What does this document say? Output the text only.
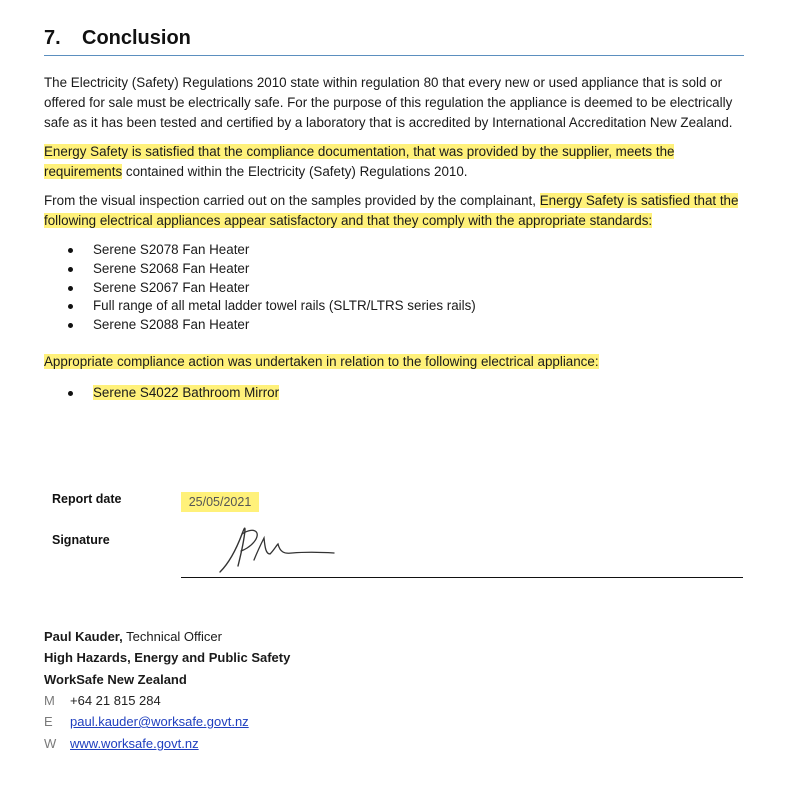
7. Conclusion

The Electricity (Safety) Regulations 2010 state within regulation 80 that every new or used appliance that is sold or offered for sale must be electrically safe. For the purpose of this regulation the appliance is deemed to be electrically safe as it has been tested and certified by a laboratory that is accredited by International Accreditation New Zealand.

Energy Safety is satisfied that the compliance documentation, that was provided by the supplier, meets the requirements contained within the Electricity (Safety) Regulations 2010.

From the visual inspection carried out on the samples provided by the complainant, Energy Safety is satisfied that the following electrical appliances appear satisfactory and that they comply with the appropriate standards:

Serene S2078 Fan Heater
Serene S2068 Fan Heater
Serene S2067 Fan Heater
Full range of all metal ladder towel rails (SLTR/LTRS series rails)
Serene S2088 Fan Heater

Appropriate compliance action was undertaken in relation to the following electrical appliance:

Serene S4022 Bathroom Mirror
Report date	25/05/2021
Signature
Paul Kauder, Technical Officer
High Hazards, Energy and Public Safety
WorkSafe New Zealand
M +64 21 815 284
E paul.kauder@worksafe.govt.nz
W www.worksafe.govt.nz
